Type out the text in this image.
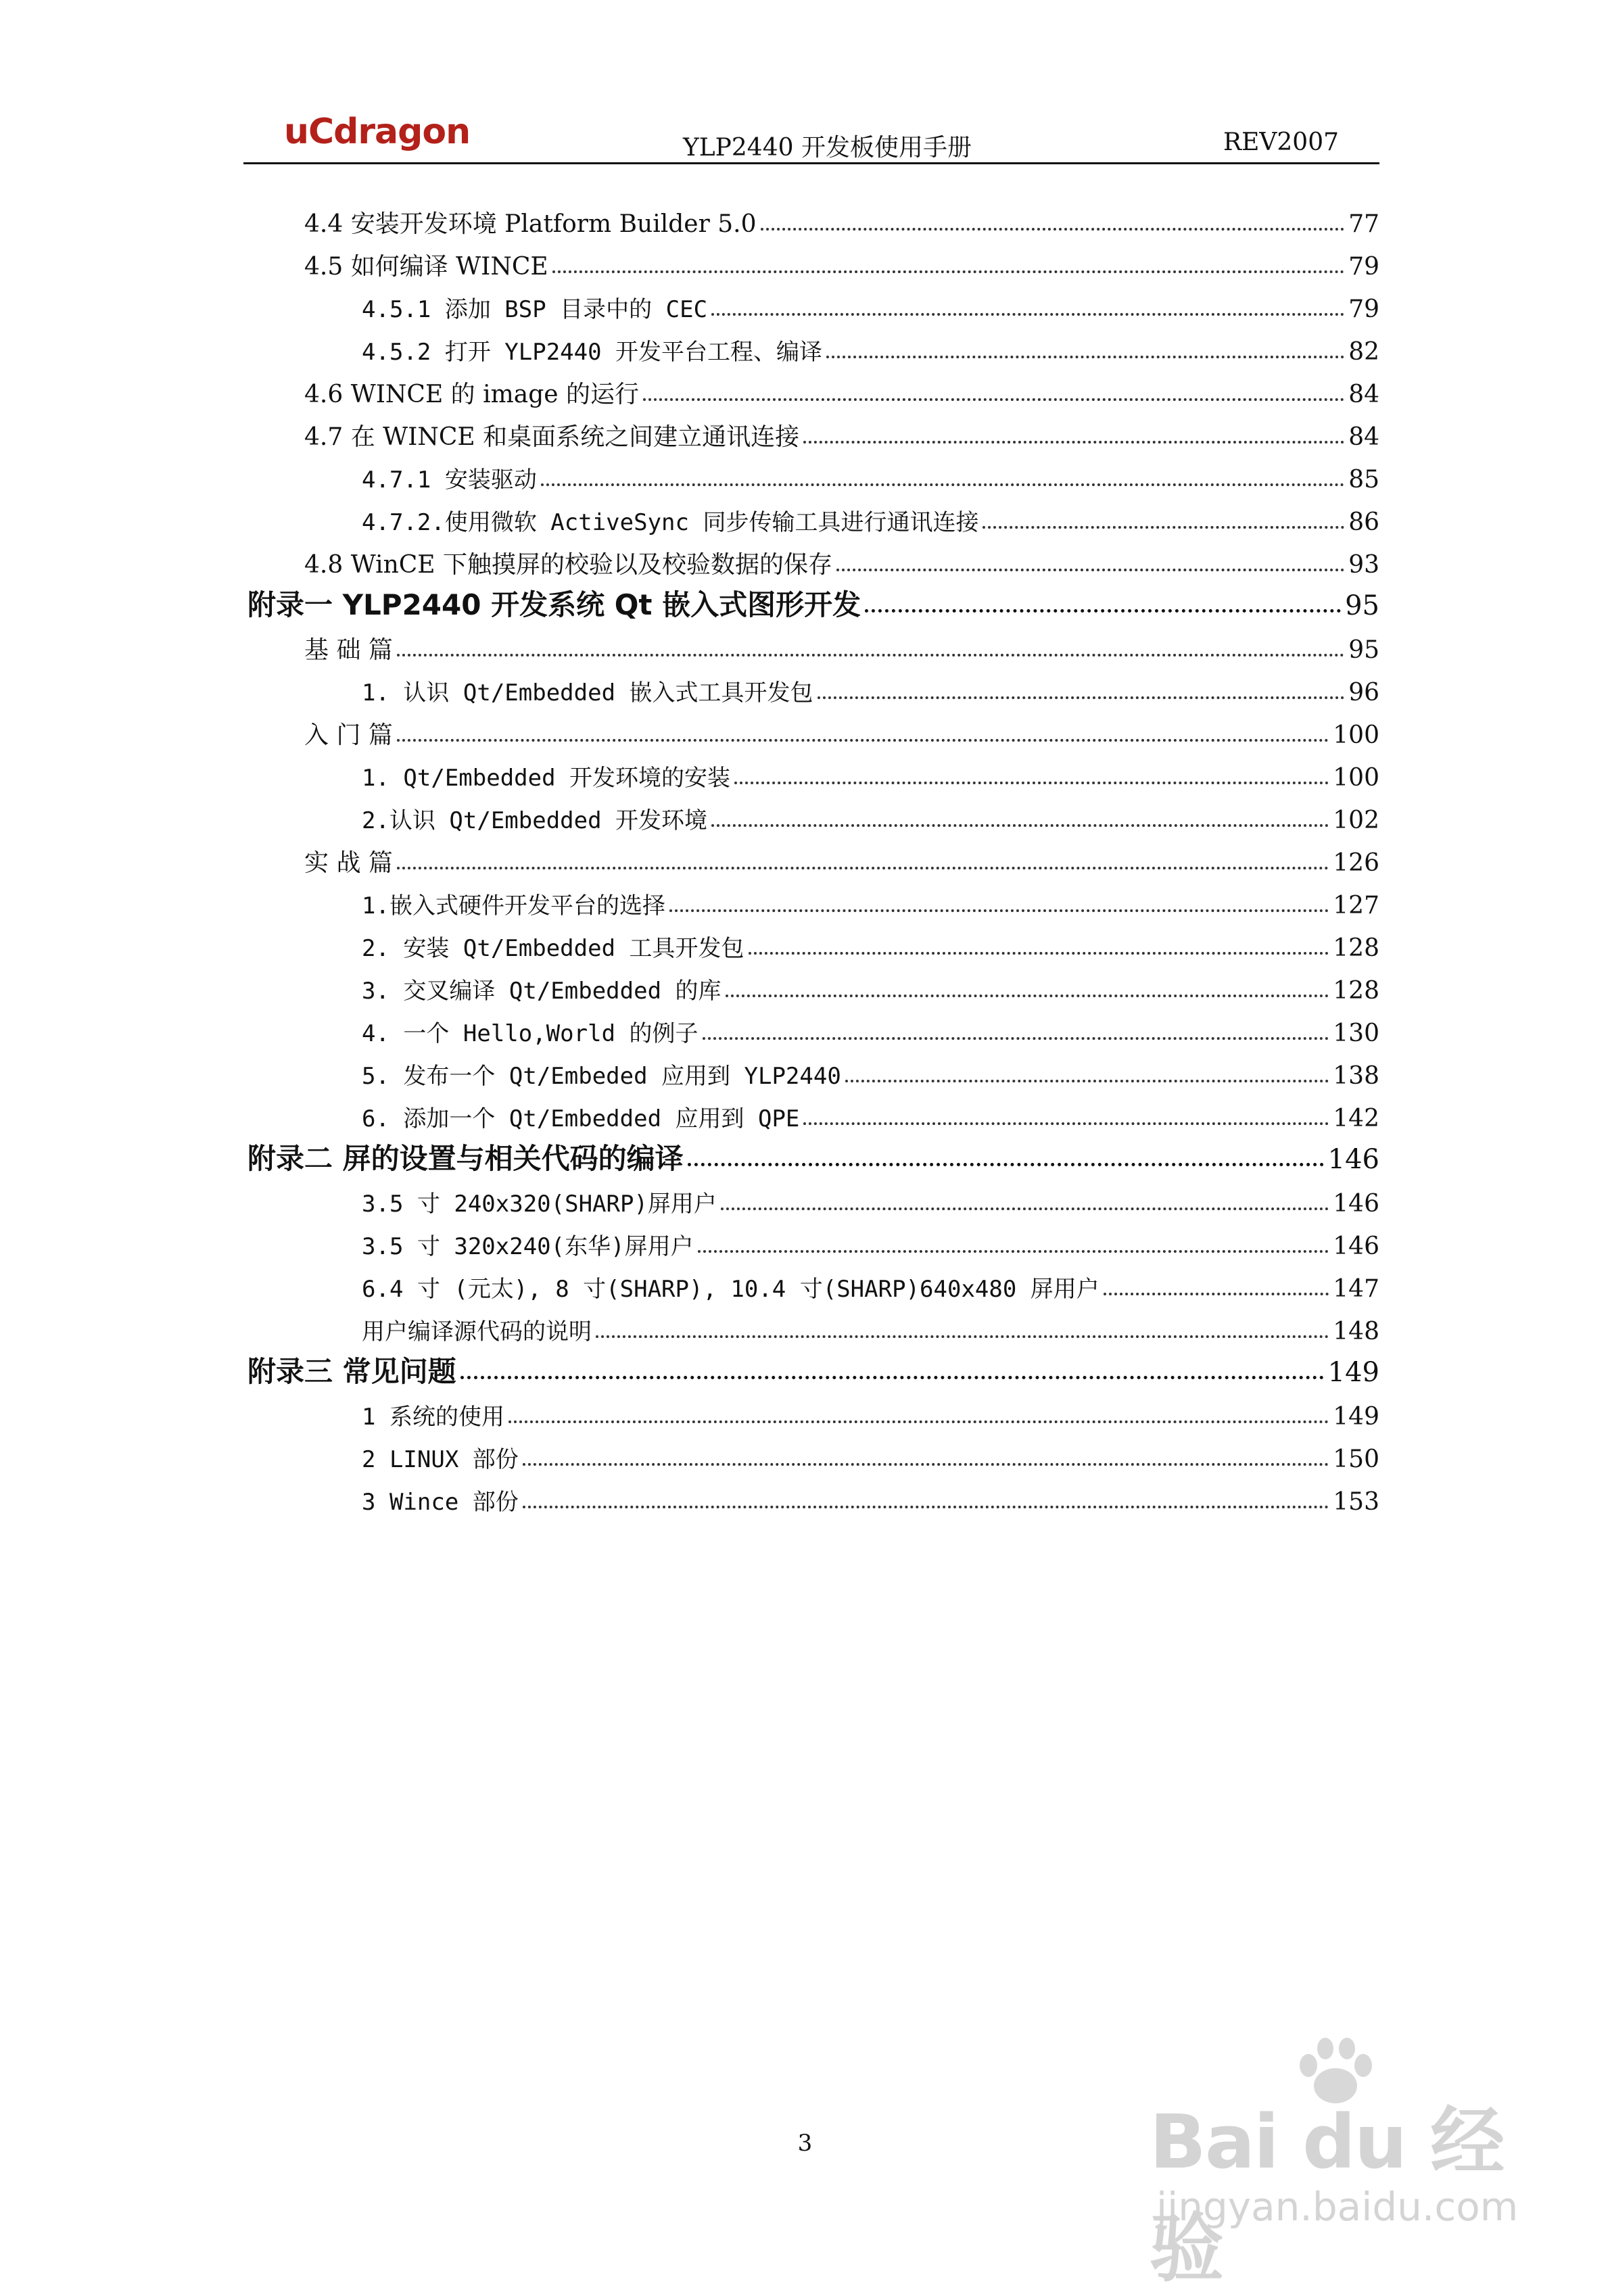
uCdragon	YLP2440 开发板使用手册	REV2007
4.4 安装开发环境 Platform Builder 5.0	77
4.5 如何编译 WINCE	79
4.5.1 添加 BSP 目录中的 CEC	79
4.5.2 打开 YLP2440 开发平台工程、编译	82
4.6 WINCE 的 image 的运行	84
4.7 在 WINCE 和桌面系统之间建立通讯连接	84
4.7.1 安装驱动	85
4.7.2.使用微软 ActiveSync 同步传输工具进行通讯连接	86
4.8 WinCE 下触摸屏的校验以及校验数据的保存	93
附录一 YLP2440 开发系统 Qt 嵌入式图形开发	95
基 础 篇	95
1. 认识 Qt/Embedded 嵌入式工具开发包	96
入 门 篇	100
1. Qt/Embedded 开发环境的安装	100
2.认识 Qt/Embedded 开发环境	102
实 战 篇	126
1.嵌入式硬件开发平台的选择	127
2. 安装 Qt/Embedded 工具开发包	128
3. 交叉编译 Qt/Embedded 的库	128
4. 一个 Hello,World 的例子	130
5. 发布一个 Qt/Embeded 应用到 YLP2440	138
6. 添加一个 Qt/Embedded 应用到 QPE	142
附录二 屏的设置与相关代码的编译	146
3.5 寸 240x320(SHARP)屏用户	146
3.5 寸 320x240(东华)屏用户	146
6.4 寸 (元太), 8 寸(SHARP), 10.4 寸(SHARP)640x480 屏用户	147
用户编译源代码的说明	148
附录三 常见问题	149
1 系统的使用	149
2 LINUX 部份	150
3 Wince 部份	153
3	Bai du 经验
jingyan.baidu.com
